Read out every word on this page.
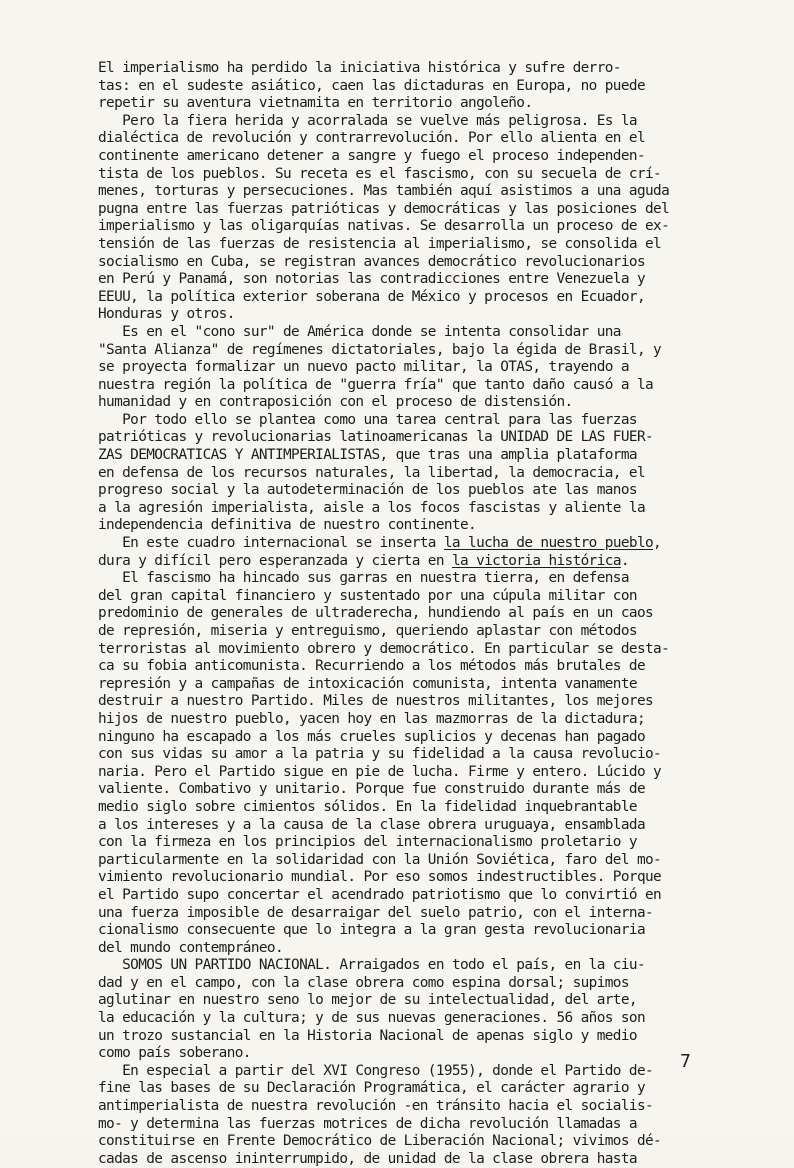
El imperialismo ha perdido la iniciativa histórica y sufre derro-
tas: en el sudeste asiático, caen las dictaduras en Europa, no puede
repetir su aventura vietnamita en territorio angoleño.
Pero la fiera herida y acorralada se vuelve más peligrosa. Es la
dialéctica de revolución y contrarrevolución. Por ello alienta en el
continente americano detener a sangre y fuego el proceso independen-
tista de los pueblos. Su receta es el fascismo, con su secuela de crí-
menes, torturas y persecuciones. Mas también aquí asistimos a una aguda
pugna entre las fuerzas patrióticas y democráticas y las posiciones del
imperialismo y las oligarquías nativas. Se desarrolla un proceso de ex-
tensión de las fuerzas de resistencia al imperialismo, se consolida el
socialismo en Cuba, se registran avances democrático revolucionarios
en Perú y Panamá, son notorias las contradicciones entre Venezuela y
EEUU, la política exterior soberana de México y procesos en Ecuador,
Honduras y otros.
Es en el "cono sur" de América donde se intenta consolidar una
"Santa Alianza" de regímenes dictatoriales, bajo la égida de Brasil, y
se proyecta formalizar un nuevo pacto militar, la OTAS, trayendo a
nuestra región la política de "guerra fría" que tanto daño causó a la
humanidad y en contraposición con el proceso de distensión.
Por todo ello se plantea como una tarea central para las fuerzas
patrióticas y revolucionarias latinoamericanas la UNIDAD DE LAS FUER-
ZAS DEMOCRATICAS Y ANTIMPERIALISTAS, que tras una amplia plataforma
en defensa de los recursos naturales, la libertad, la democracia, el
progreso social y la autodeterminación de los pueblos ate las manos
a la agresión imperialista, aisle a los focos fascistas y aliente la
independencia definitiva de nuestro continente.
En este cuadro internacional se inserta la lucha de nuestro pueblo,
dura y difícil pero esperanzada y cierta en la victoria histórica.
El fascismo ha hincado sus garras en nuestra tierra, en defensa
del gran capital financiero y sustentado por una cúpula militar con
predominio de generales de ultraderecha, hundiendo al país en un caos
de represión, miseria y entreguismo, queriendo aplastar con métodos
terroristas al movimiento obrero y democrático. En particular se desta-
ca su fobia anticomunista. Recurriendo a los métodos más brutales de
represión y a campañas de intoxicación comunista, intenta vanamente
destruir a nuestro Partido. Miles de nuestros militantes, los mejores
hijos de nuestro pueblo, yacen hoy en las mazmorras de la dictadura;
ninguno ha escapado a los más crueles suplicios y decenas han pagado
con sus vidas su amor a la patria y su fidelidad a la causa revolucio-
naria. Pero el Partido sigue en pie de lucha. Firme y entero. Lúcido y
valiente. Combativo y unitario. Porque fue construido durante más de
medio siglo sobre cimientos sólidos. En la fidelidad inquebrantable
a los intereses y a la causa de la clase obrera uruguaya, ensamblada
con la firmeza en los principios del internacionalismo proletario y
particularmente en la solidaridad con la Unión Soviética, faro del mo-
vimiento revolucionario mundial. Por eso somos indestructibles. Porque
el Partido supo concertar el acendrado patriotismo que lo convirtió en
una fuerza imposible de desarraigar del suelo patrio, con el interna-
cionalismo consecuente que lo integra a la gran gesta revolucionaria
del mundo contempráneo.
SOMOS UN PARTIDO NACIONAL. Arraigados en todo el país, en la ciu-
dad y en el campo, con la clase obrera como espina dorsal; supimos
aglutinar en nuestro seno lo mejor de su intelectualidad, del arte,
la educación y la cultura; y de sus nuevas generaciones. 56 años son
un trozo sustancial en la Historia Nacional de apenas siglo y medio
como país soberano.
En especial a partir del XVI Congreso (1955), donde el Partido de-
fine las bases de su Declaración Programática, el carácter agrario y
antimperialista de nuestra revolución -en tránsito hacia el socialis-
mo- y determina las fuerzas motrices de dicha revolución llamadas a
constituirse en Frente Democrático de Liberación Nacional; vivimos dé-
cadas de ascenso ininterrumpido, de unidad de la clase obrera hasta
7
